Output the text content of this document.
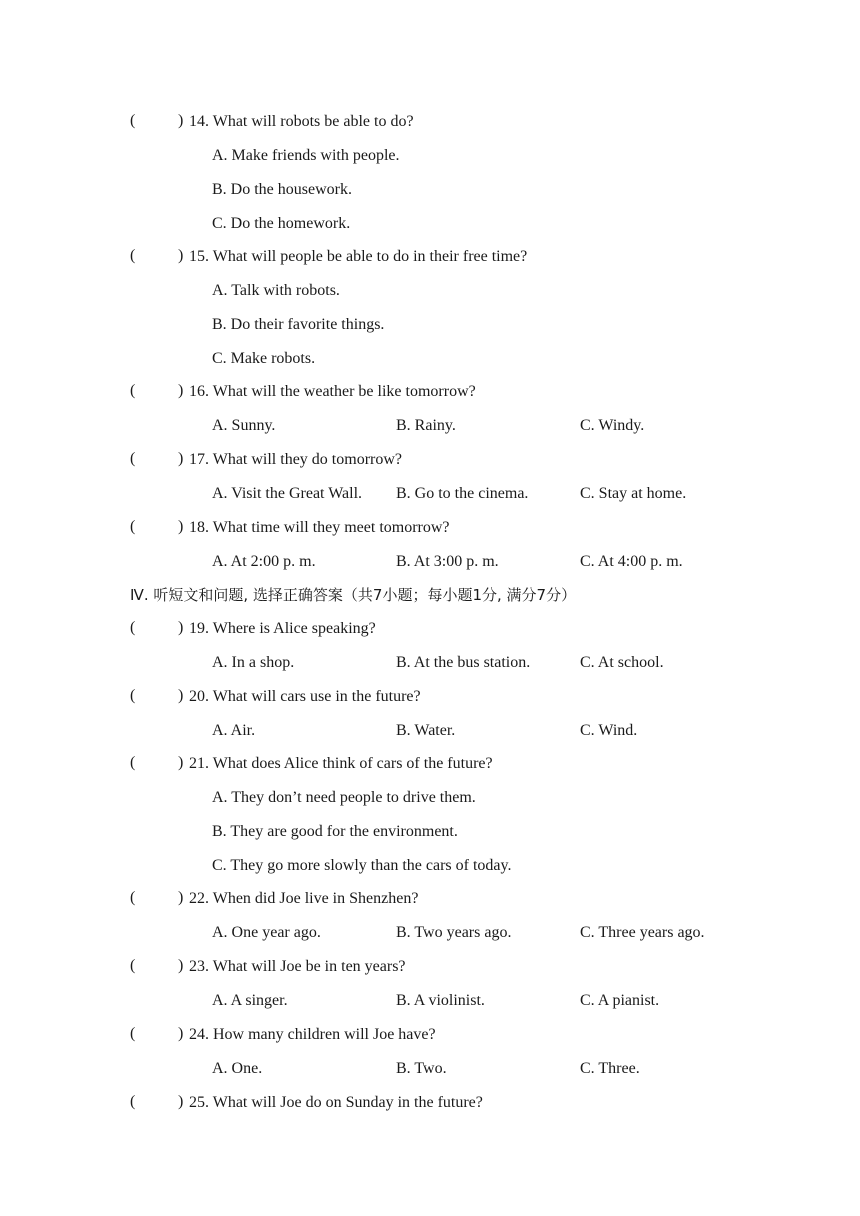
(	) 14. What will robots be able to do?
A. Make friends with people.
B. Do the housework.
C. Do the homework.
(	) 15. What will people be able to do in their free time?
A. Talk with robots.
B. Do their favorite things.
C. Make robots.
(	) 16. What will the weather be like tomorrow?
A. Sunny.	B. Rainy.	C. Windy.
(	) 17. What will they do tomorrow?
A. Visit the Great Wall. B. Go to the cinema.	C. Stay at home.
(	) 18. What time will they meet tomorrow?
A. At 2:00 p. m.	B. At 3:00 p. m.	C. At 4:00 p. m.
Ⅳ. 听短文和问题, 选择正确答案（共7小题；每小题1分, 满分7分）
(	) 19. Where is Alice speaking?
A. In a shop.	B. At the bus station.	C. At school.
(	) 20. What will cars use in the future?
A. Air.	B. Water.	C. Wind.
(	) 21. What does Alice think of cars of the future?
A. They don’t need people to drive them.
B. They are good for the environment.
C. They go more slowly than the cars of today.
(	) 22. When did Joe live in Shenzhen?
A. One year ago.	B. Two years ago.	C. Three years ago.
(	) 23. What will Joe be in ten years?
A. A singer.	B. A violinist.	C. A pianist.
(	) 24. How many children will Joe have?
A. One.	B. Two.	C. Three.
(	) 25. What will Joe do on Sunday in the future?
